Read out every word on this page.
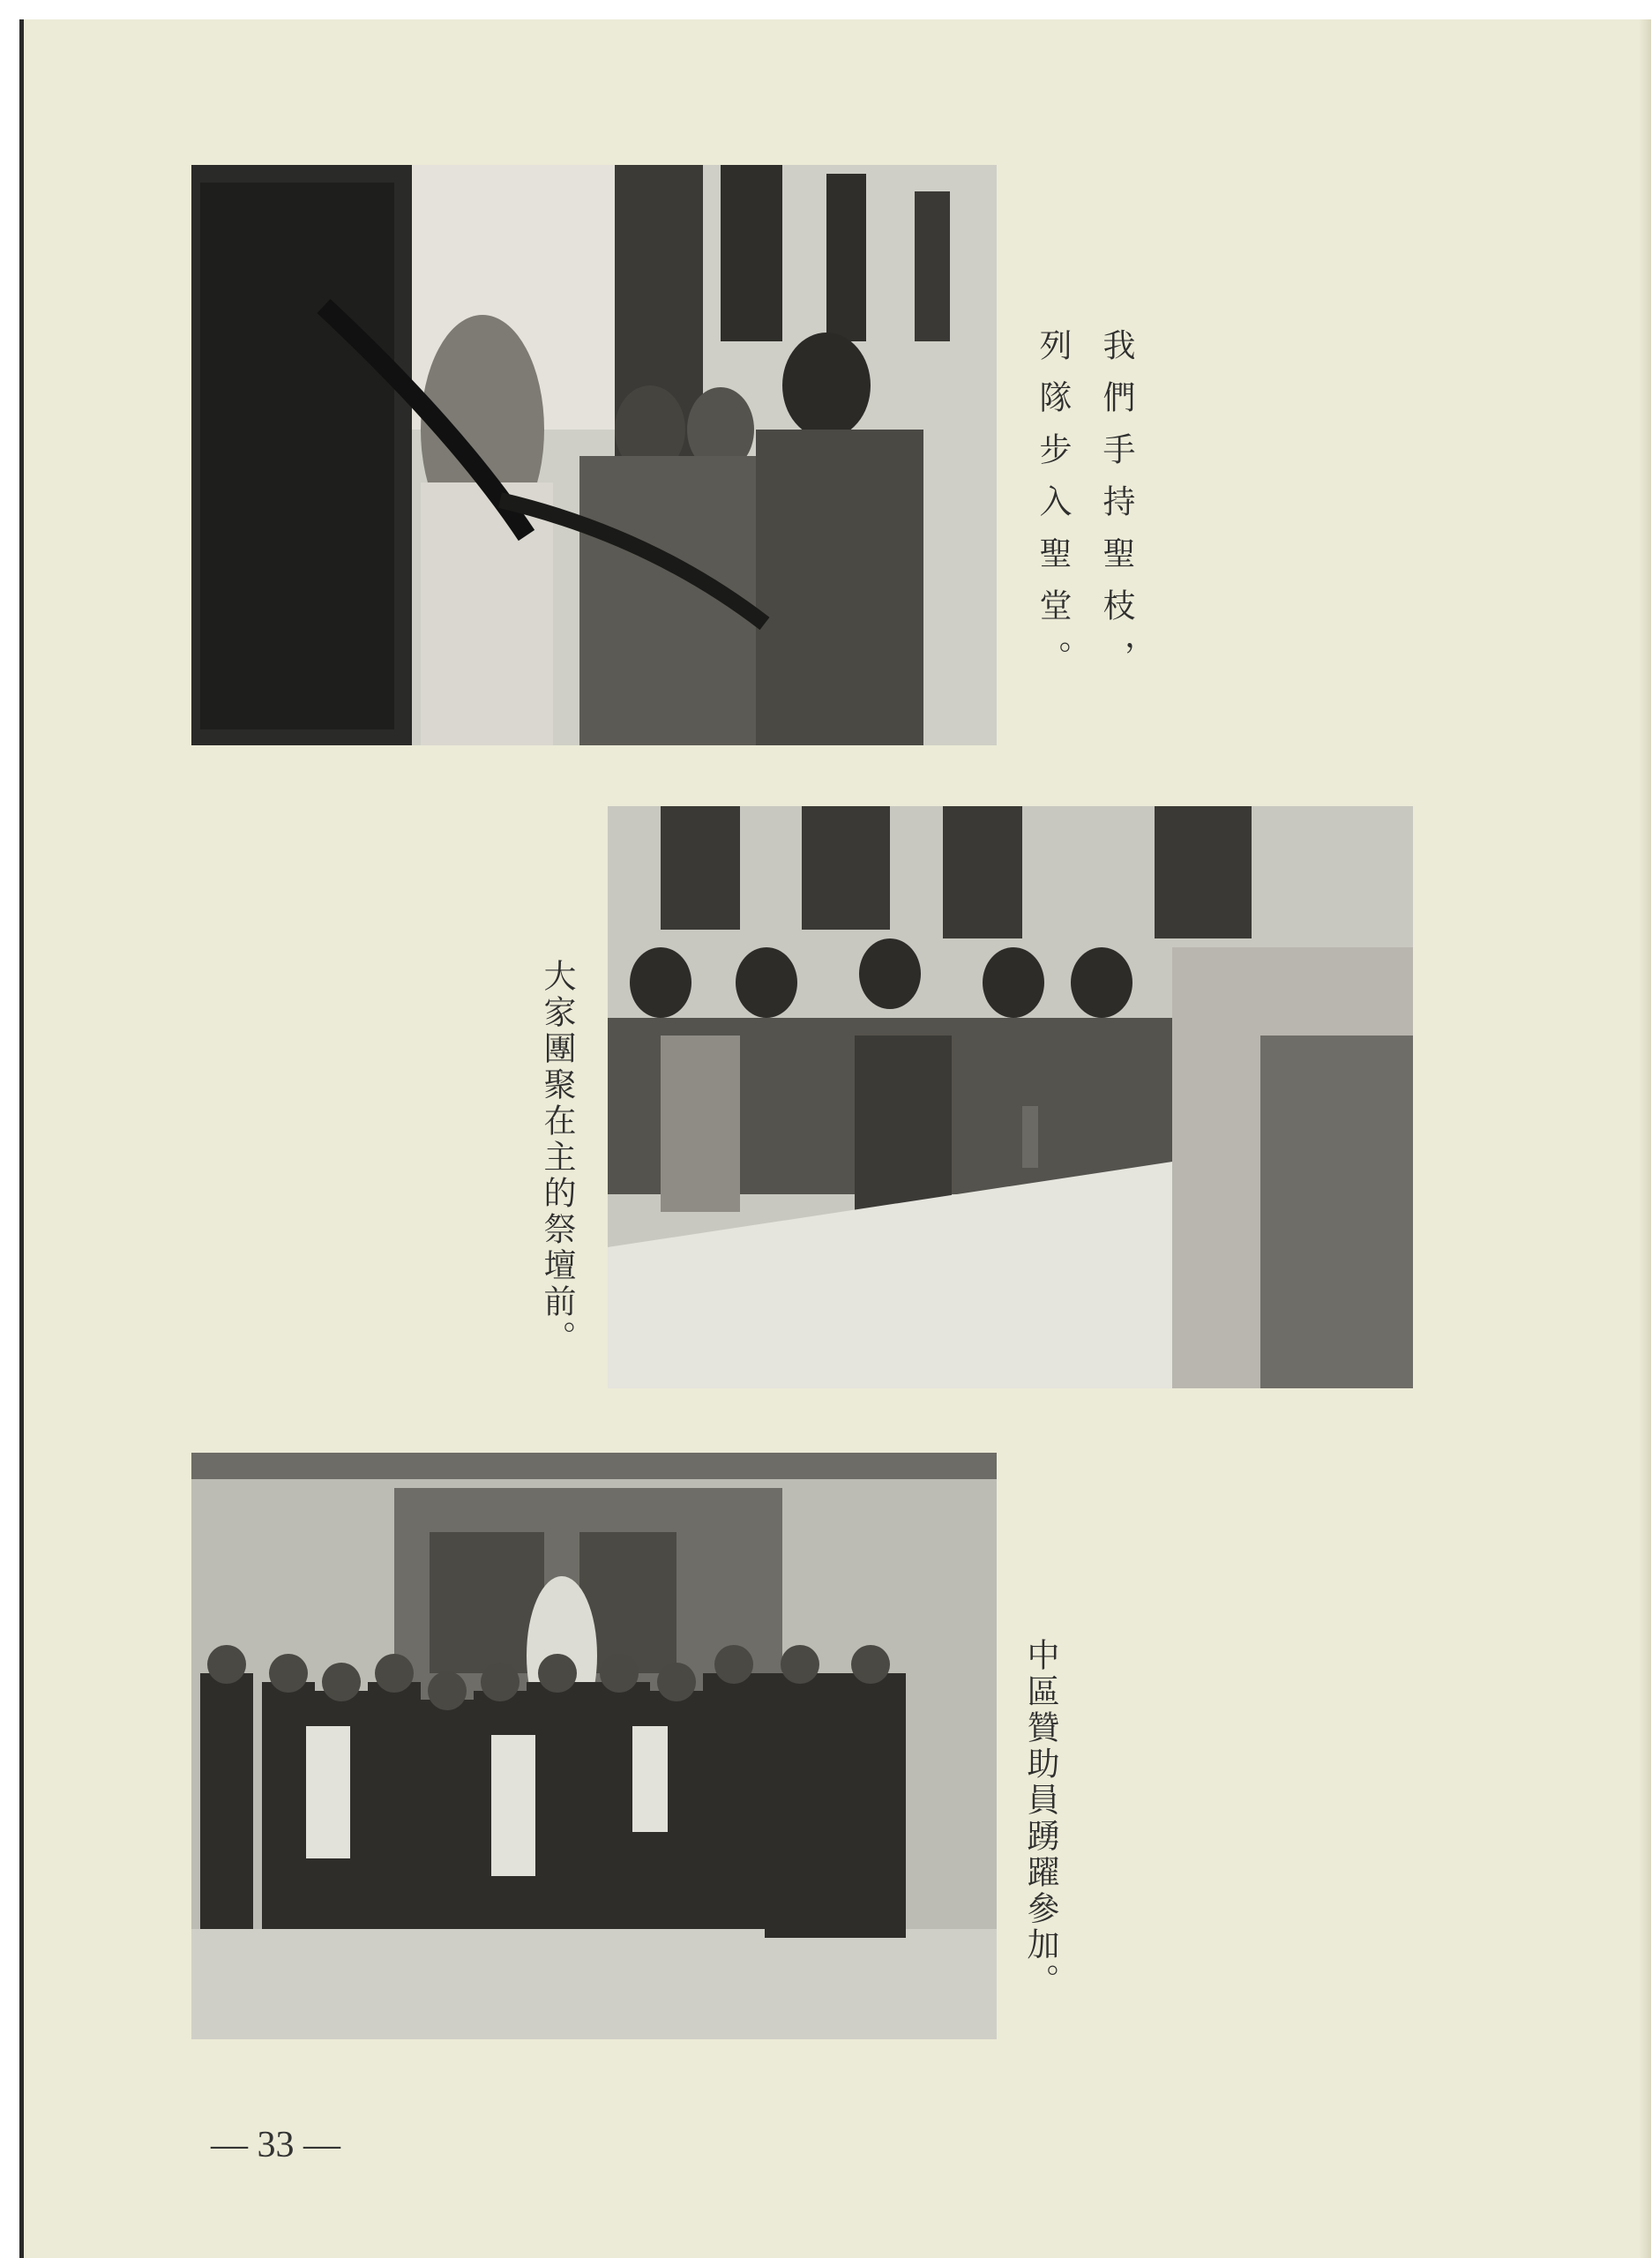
我們手持聖枝，列隊步入聖堂。
大家團聚在主的祭壇前。
中區贊助員踴躍參加。
— 33 —
